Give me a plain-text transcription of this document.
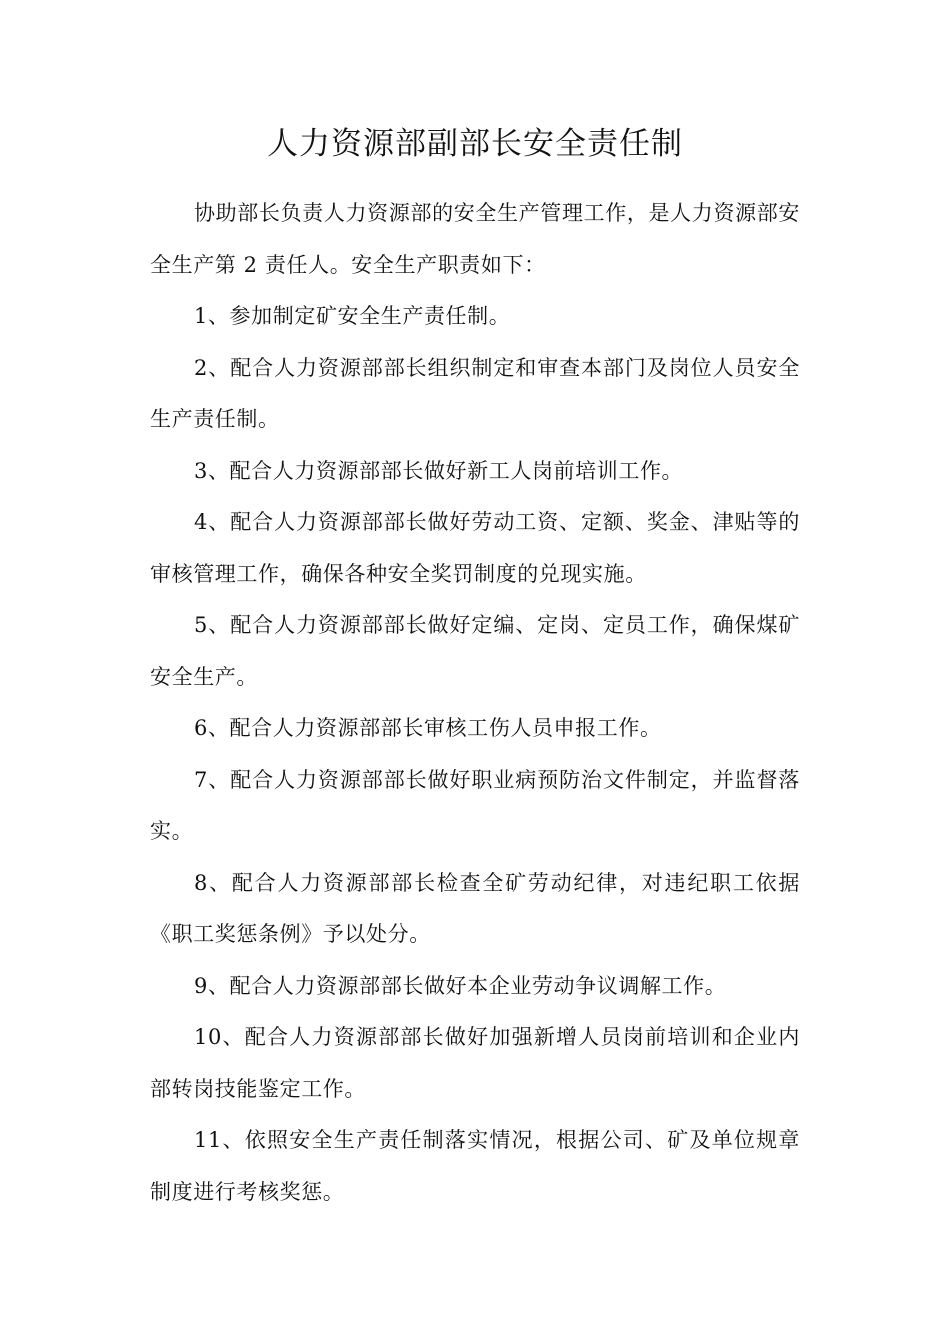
人力资源部副部长安全责任制

协助部长负责人力资源部的安全生产管理工作，是人力资源部安全生产第 2 责任人。安全生产职责如下：

1、参加制定矿安全生产责任制。

2、配合人力资源部部长组织制定和审查本部门及岗位人员安全生产责任制。

3、配合人力资源部部长做好新工人岗前培训工作。

4、配合人力资源部部长做好劳动工资、定额、奖金、津贴等的审核管理工作，确保各种安全奖罚制度的兑现实施。

5、配合人力资源部部长做好定编、定岗、定员工作，确保煤矿安全生产。

6、配合人力资源部部长审核工伤人员申报工作。

7、配合人力资源部部长做好职业病预防治文件制定，并监督落实。

8、配合人力资源部部长检查全矿劳动纪律，对违纪职工依据《职工奖惩条例》予以处分。

9、配合人力资源部部长做好本企业劳动争议调解工作。

10、配合人力资源部部长做好加强新增人员岗前培训和企业内部转岗技能鉴定工作。

11、依照安全生产责任制落实情况，根据公司、矿及单位规章制度进行考核奖惩。
